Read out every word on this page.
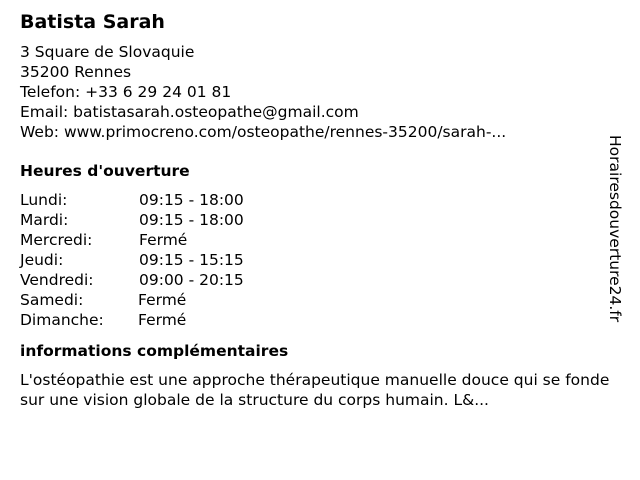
Batista Sarah
3 Square de Slovaquie
35200 Rennes
Telefon: +33 6 29 24 01 81
Email: batistasarah.osteopathe@gmail.com
Web: www.primocreno.com/osteopathe/rennes-35200/sarah-...
Heures d'ouverture
Lundi:	09:15 - 18:00
Mardi:	09:15 - 18:00
Mercredi:	Fermé
Jeudi:	09:15 - 15:15
Vendredi:	09:00 - 20:15
Samedi:	Fermé
Dimanche: Fermé
informations complémentaires
L'ostéopathie est une approche thérapeutique manuelle douce qui se fonde sur une vision globale de la structure du corps humain. L&...
Horairesdouverture24.fr
